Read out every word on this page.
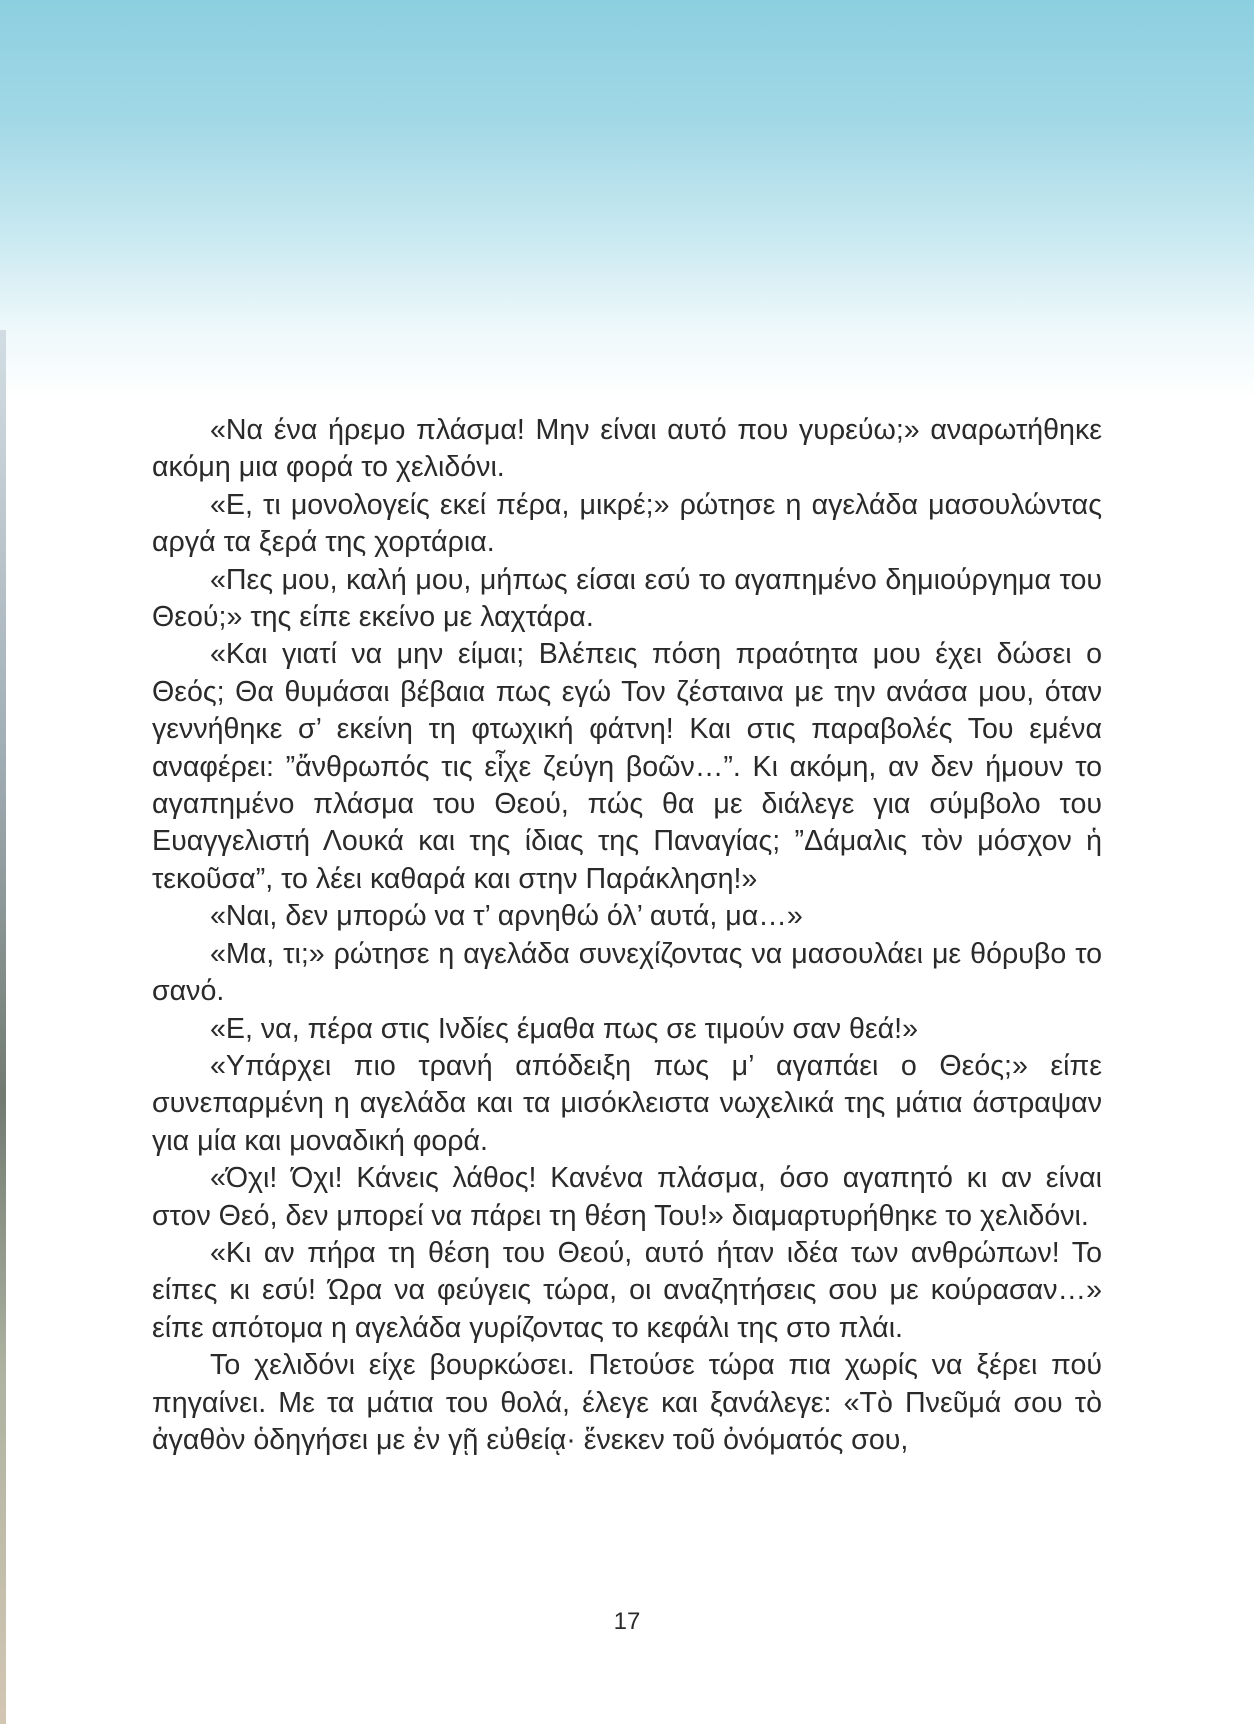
«Να ένα ήρεμο πλάσμα! Μην είναι αυτό που γυρεύω;» αναρωτήθηκε ακόμη μια φορά το χελιδόνι.

«Ε, τι μονολογείς εκεί πέρα, μικρέ;» ρώτησε η αγελάδα μασουλώντας αργά τα ξερά της χορτάρια.

«Πες μου, καλή μου, μήπως είσαι εσύ το αγαπημένο δημιούργημα του Θεού;» της είπε εκείνο με λαχτάρα.

«Και γιατί να μην είμαι; Βλέπεις πόση πραότητα μου έχει δώσει ο Θεός; Θα θυμάσαι βέβαια πως εγώ Τον ζέσταινα με την ανάσα μου, όταν γεννήθηκε σ’ εκείνη τη φτωχική φάτνη! Και στις παραβολές Του εμένα αναφέρει: ”ἄνθρωπός τις εἶχε ζεύγη βοῶν…”. Κι ακόμη, αν δεν ήμουν το αγαπημένο πλάσμα του Θεού, πώς θα με διάλεγε για σύμβολο του Ευαγγελιστή Λουκά και της ίδιας της Παναγίας; ”Δάμαλις τὸν μόσχον ἡ τεκοῦσα”, το λέει καθαρά και στην Παράκληση!»

«Ναι, δεν μπορώ να τ’ αρνηθώ όλ’ αυτά, μα…»

«Μα, τι;» ρώτησε η αγελάδα συνεχίζοντας να μασουλάει με θόρυβο το σανό.

«Ε, να, πέρα στις Ινδίες έμαθα πως σε τιμούν σαν θεά!»

«Υπάρχει πιο τρανή απόδειξη πως μ’ αγαπάει ο Θεός;» είπε συνεπαρμένη η αγελάδα και τα μισόκλειστα νωχελικά της μάτια άστραψαν για μία και μοναδική φορά.

«Όχι! Όχι! Κάνεις λάθος! Κανένα πλάσμα, όσο αγαπητό κι αν είναι στον Θεό, δεν μπορεί να πάρει τη θέση Του!» διαμαρτυρήθηκε το χελιδόνι.

«Κι αν πήρα τη θέση του Θεού, αυτό ήταν ιδέα των ανθρώπων! Το είπες κι εσύ! Ώρα να φεύγεις τώρα, οι αναζητήσεις σου με κούρασαν…» είπε απότομα η αγελάδα γυρίζοντας το κεφάλι της στο πλάι.

Το χελιδόνι είχε βουρκώσει. Πετούσε τώρα πια χωρίς να ξέρει πού πηγαίνει. Με τα μάτια του θολά, έλεγε και ξανάλεγε: «Τὸ Πνεῦμά σου τὸ ἀγαθὸν ὁδηγήσει με ἐν γῇ εὐθείᾳ· ἕνεκεν τοῦ ὀνόματός σου,

17
